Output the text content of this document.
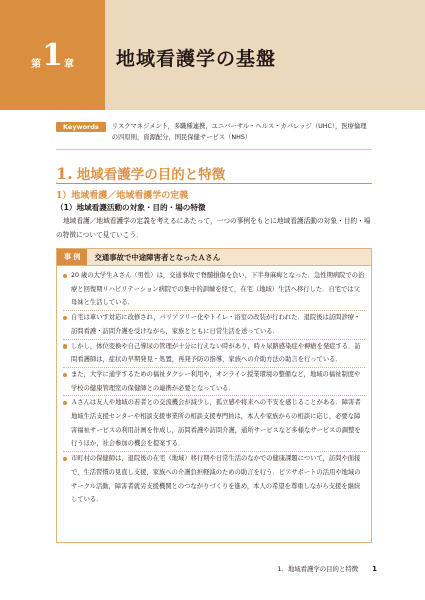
第 1 章 地域看護学の基盤
Keywords	リスクマネジメント，多職種連携，ユニバーサル・ヘルス・カバレッジ（UHC），医療倫理の四原則，資源配分，国民保健サービス（NHS）
1. 地域看護学の目的と特徴
1）地域看護／地域看護学の定義
（1）地域看護活動の対象・目的・場の特徴

地域看護／地域看護学の定義を考えるにあたって，一つの事例をもとに地域看護活動の対象・目的・場の特徴について見ていこう．

事 例	交通事故で中途障害者となったＡさん
20 歳の大学生Ａさん（男性）は，交通事故で脊髄損傷を負い，下半身麻痺となった．急性期病院での治療と回復期リハビリテーション病院での集中的訓練を経て，在宅（地域）生活へ移行した．自宅では父母妹と生活している．
自宅は車いす対応に改修され，バリアフリー化やトイレ・浴室の改装が行われた．退院後は訪問診療・訪問看護・訪問介護を受けながら，家族とともに日常生活を送っている．
しかし，体位変換や自己導尿の管理が十分に行えない時があり，時々尿路感染症や褥瘡を発症する．訪問看護師は，症状の早期発見・処置，再発予防の指導，家族への介助方法の助言を行っている．
また，大学に通学するための福祉タクシー利用や，オンライン授業環境の整備など，地域の福祉制度や学校の健康管理室の保健師との連携が必要となっている．
Ａさんは友人や地域の若者との交流機会が減少し，孤立感や将来への不安を感じることがある．障害者地域生活支援センターや相談支援事業所の相談支援専門員は，本人や家族からの相談に応じ，必要な障害福祉サービスの利用計画を作成し，訪問看護や訪問介護，通所サービスなど多様なサービスの調整を行うほか，社会参加の機会を提案する．
市町村の保健師は，退院後の在宅（地域）移行期や日常生活のなかでの健康課題について，訪問や面接で，生活習慣の見直し支援，家族への介護負担軽減のための助言を行う．ピアサポートの活用や地域のサークル活動，障害者就労支援機関とのつながりづくりを進め，本人の希望を尊重しながら支援を継続している．
1．地域看護学の目的と特徴 1
